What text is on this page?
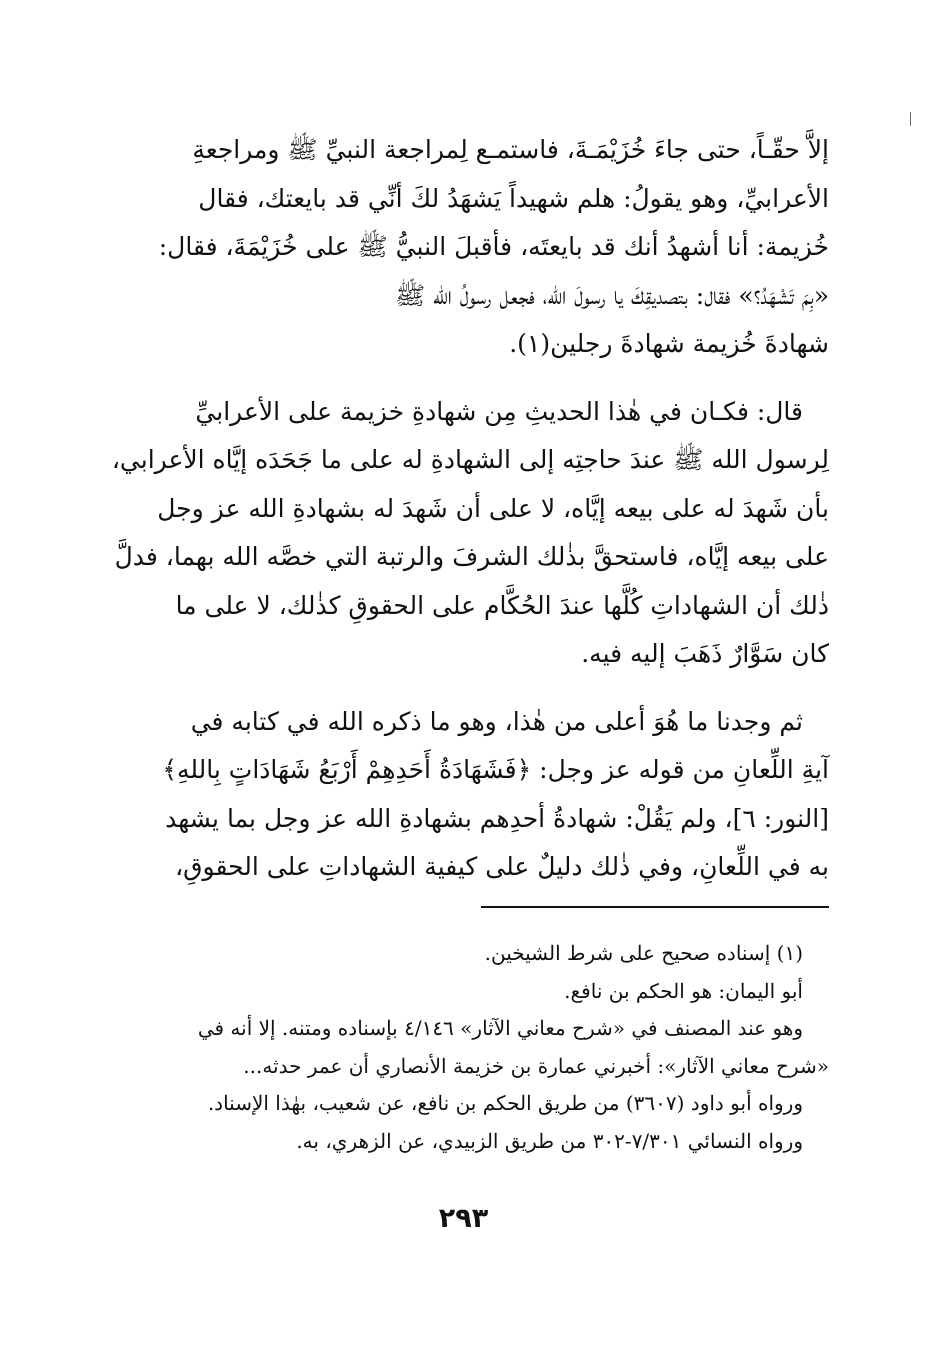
إلاَّ حقّـاً، حتى جاءَ خُزَيْمَـةَ، فاستمـع لِمراجعة النبيِّ ﷺ ومراجعةِ

الأعرابيِّ، وهو يقولُ: هلم شهيداً يَشهَدُ لكَ أنِّي قد بايعتك، فقال

خُزيمة: أنا أشهدُ أنك قد بايعتَه، فأقبلَ النبيُّ ﷺ على خُزَيْمَةَ، فقال:

«بِمَ تَشْهَدُ؟» فقال: بتصديقِكَ يا رسولَ الله، فجعل رسولُ الله ﷺ

شهادةَ خُزيمة شهادةَ رجلين(١).

قال: فكـان في هٰذا الحديثِ مِن شهادةِ خزيمة على الأعرابيِّ

لِرسول الله ﷺ عندَ حاجتِه إلى الشهادةِ له على ما جَحَدَه إيَّاه الأعرابي،

بأن شَهدَ له على بيعه إيَّاه، لا على أن شَهدَ له بشهادةِ الله عز وجل

على بيعه إيَّاه، فاستحقَّ بذٰلك الشرفَ والرتبة التي خصَّه الله بهما، فدلَّ

ذٰلك أن الشهاداتِ كُلَّها عندَ الحُكَّام على الحقوقِ كذٰلك، لا على ما

كان سَوَّارٌ ذَهَبَ إليه فيه.

ثم وجدنا ما هُوَ أعلى من هٰذا، وهو ما ذكره الله في كتابه في

آيةِ اللِّعانِ من قوله عز وجل: ﴿فَشَهَادَةُ أَحَدِهِمْ أَرْبَعُ شَهَادَاتٍ بِاللهِ﴾

[النور: ٦]، ولم يَقُلْ: شهادةُ أحدِهم بشهادةِ الله عز وجل بما يشهد

به في اللِّعانِ، وفي ذٰلك دليلٌ على كيفية الشهاداتِ على الحقوقِ،

(١) إسناده صحيح على شرط الشيخين.

أبو اليمان: هو الحكم بن نافع.

وهو عند المصنف في «شرح معاني الآثار» ٤/١٤٦ بإسناده ومتنه. إلا أنه في

«شرح معاني الآثار»: أخبرني عمارة بن خزيمة الأنصاري أن عمر حدثه...

ورواه أبو داود (٣٦٠٧) من طريق الحكم بن نافع، عن شعيب، بهٰذا الإسناد.

ورواه النسائي ٧/٣٠١-٣٠٢ من طريق الزبيدي، عن الزهري، به.

٢٩٣
